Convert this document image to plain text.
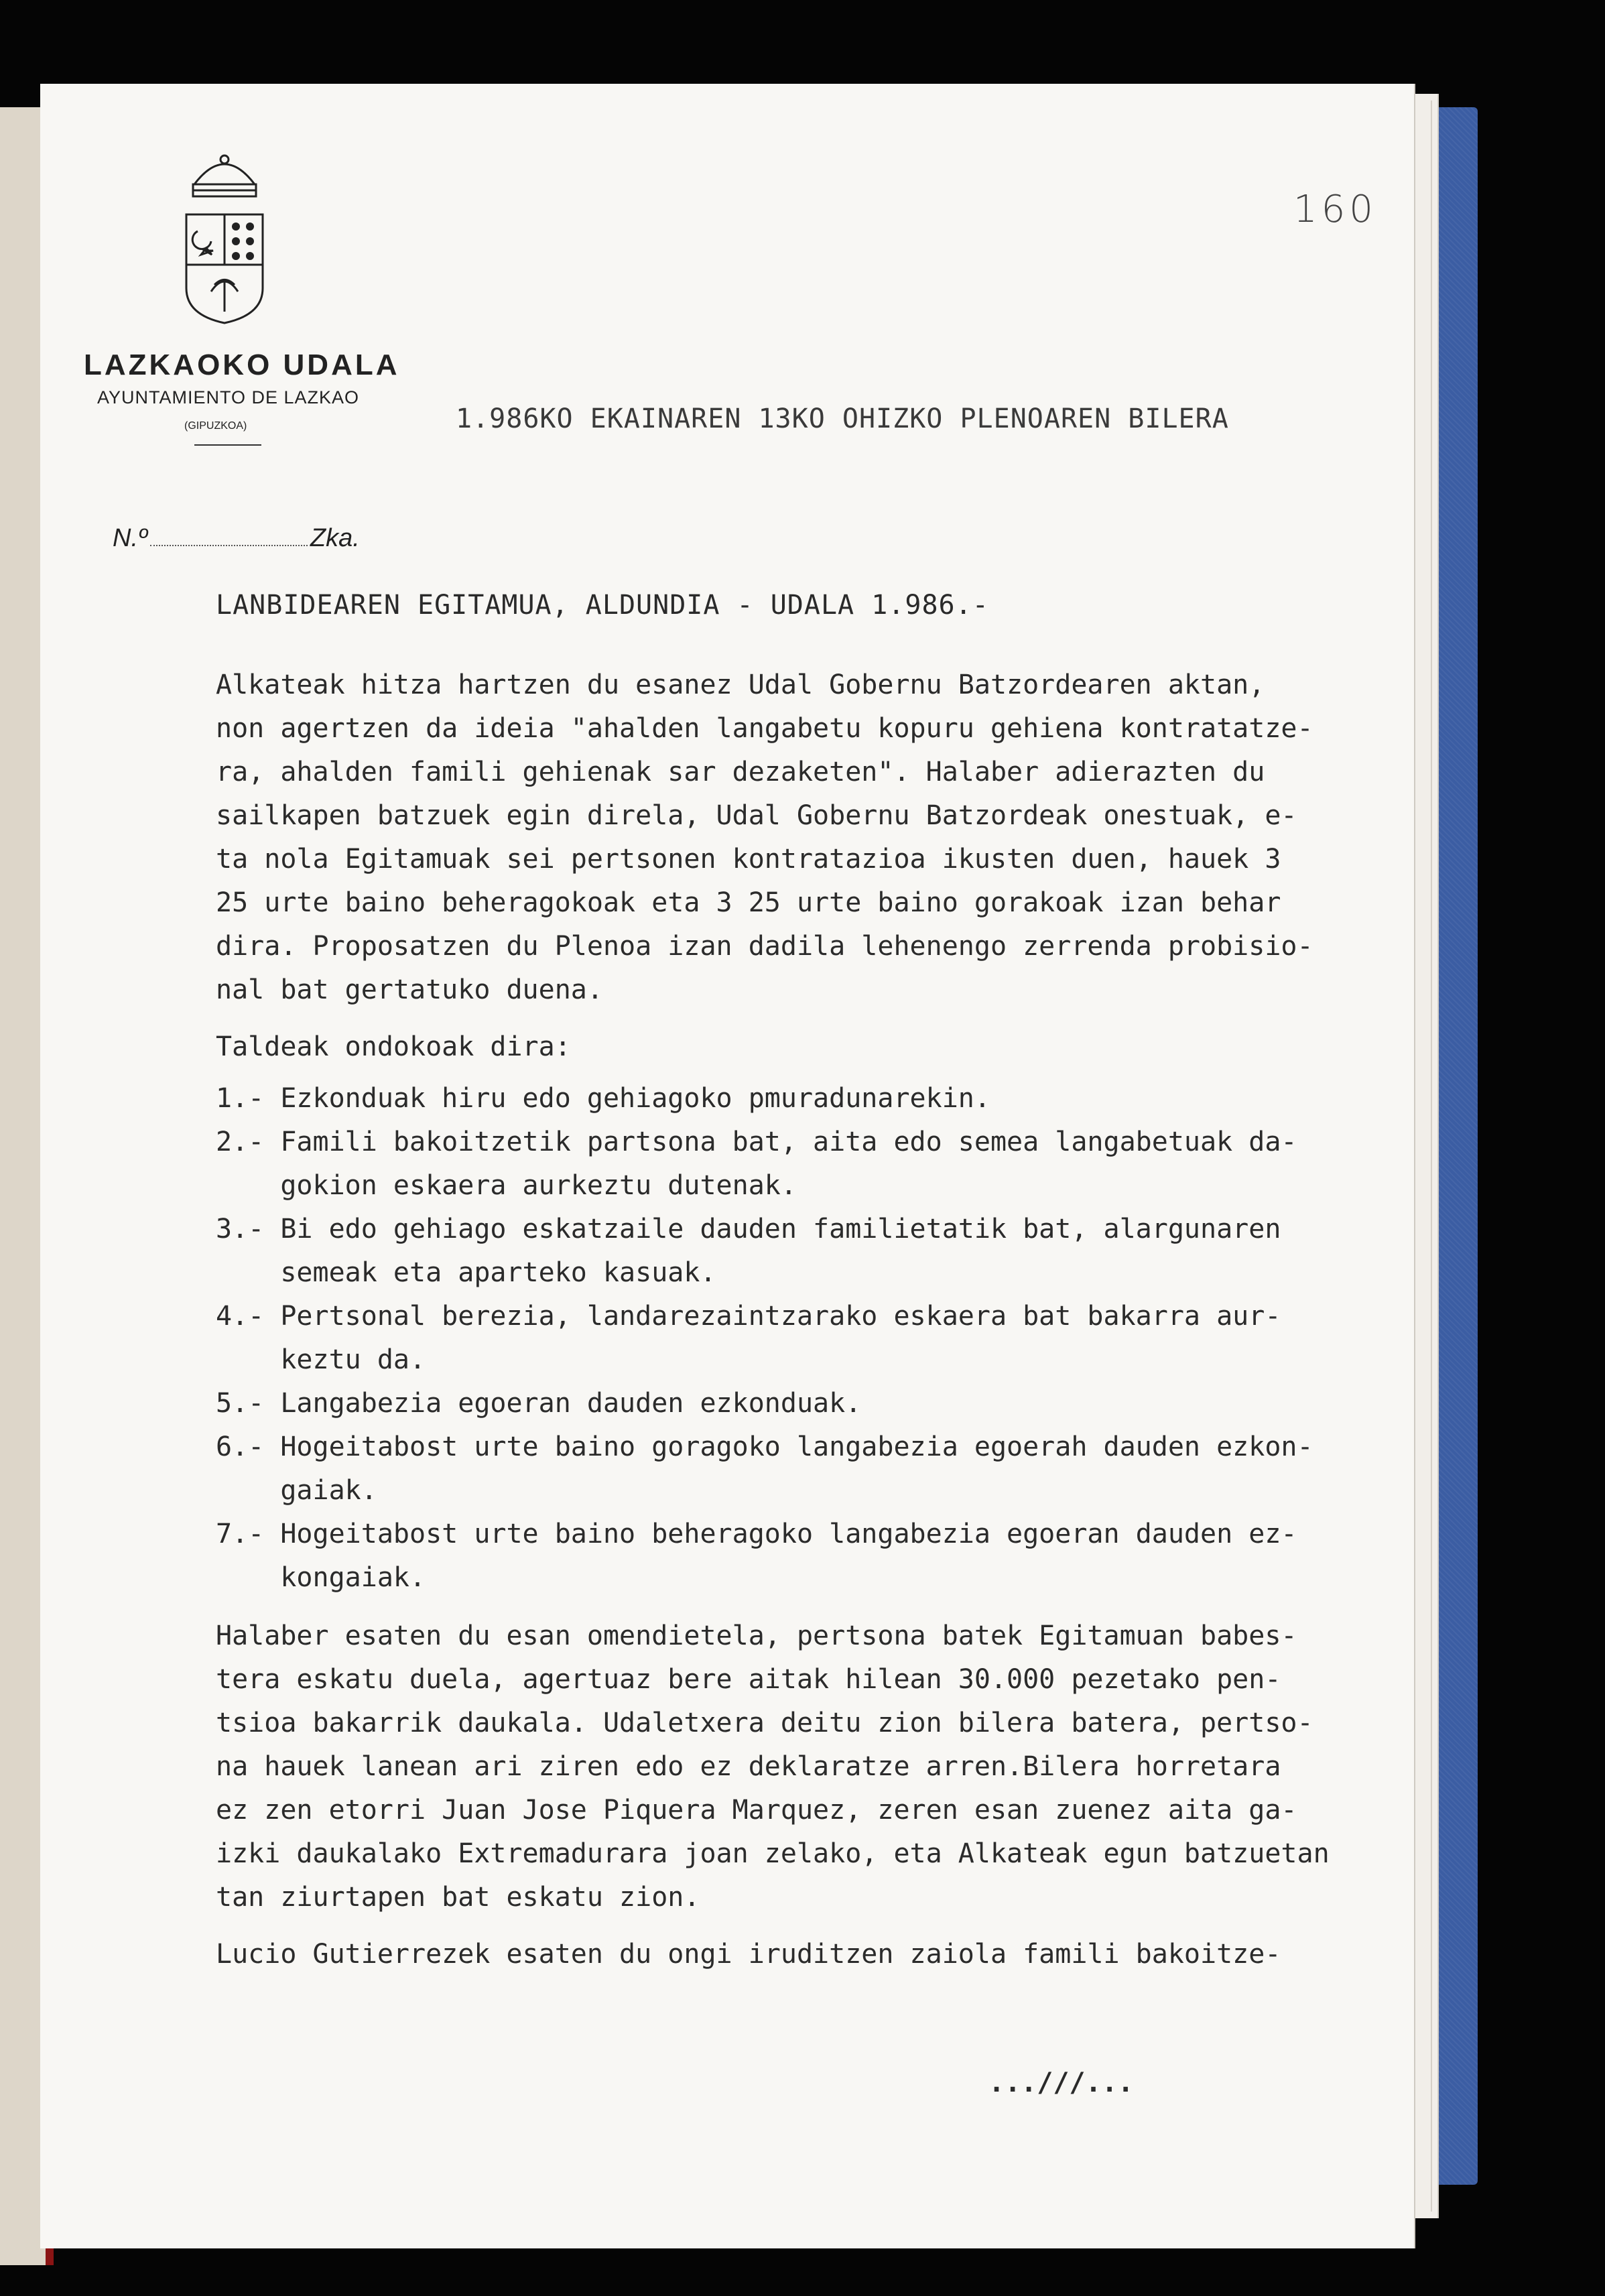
LAZKAOKO UDALA
AYUNTAMIENTO DE LAZKAO
(GIPUZKOA)
160
1.986KO EKAINAREN 13KO OHIZKO PLENOAREN BILERA
N.º	Zka.
LANBIDEAREN EGITAMUA, ALDUNDIA - UDALA 1.986.-
Alkateak hitza hartzen du esanez Udal Gobernu Batzordearen aktan,
non agertzen da ideia "ahalden langabetu kopuru gehiena kontratatze-
ra, ahalden famili gehienak sar dezaketen". Halaber adierazten du
sailkapen batzuek egin direla, Udal Gobernu Batzordeak onestuak, e-
ta nola Egitamuak sei pertsonen kontratazioa ikusten duen, hauek 3
25 urte baino beheragokoak eta 3 25 urte baino gorakoak izan behar
dira. Proposatzen du Plenoa izan dadila lehenengo zerrenda probisio-
nal bat gertatuko duena.
Taldeak ondokoak dira:
1.- Ezkonduak hiru edo gehiagoko pmuradunarekin.
2.- Famili bakoitzetik partsona bat, aita edo semea langabetuak da-
gokion eskaera aurkeztu dutenak.
3.- Bi edo gehiago eskatzaile dauden familietatik bat, alargunaren
semeak eta aparteko kasuak.
4.- Pertsonal berezia, landarezaintzarako eskaera bat bakarra aur-
keztu da.
5.- Langabezia egoeran dauden ezkonduak.
6.- Hogeitabost urte baino goragoko langabezia egoerah dauden ezkon-
gaiak.
7.- Hogeitabost urte baino beheragoko langabezia egoeran dauden ez-
kongaiak.
Halaber esaten du esan omendietela, pertsona batek Egitamuan babes-
tera eskatu duela, agertuaz bere aitak hilean 30.000 pezetako pen-
tsioa bakarrik daukala. Udaletxera deitu zion bilera batera, pertso-
na hauek lanean ari ziren edo ez deklaratze arren.Bilera horretara
ez zen etorri Juan Jose Piquera Marquez, zeren esan zuenez aita ga-
izki daukalako Extremadurara joan zelako, eta Alkateak egun batzuetan
tan ziurtapen bat eskatu zion.
Lucio Gutierrezek esaten du ongi iruditzen zaiola famili bakoitze-
...///...
